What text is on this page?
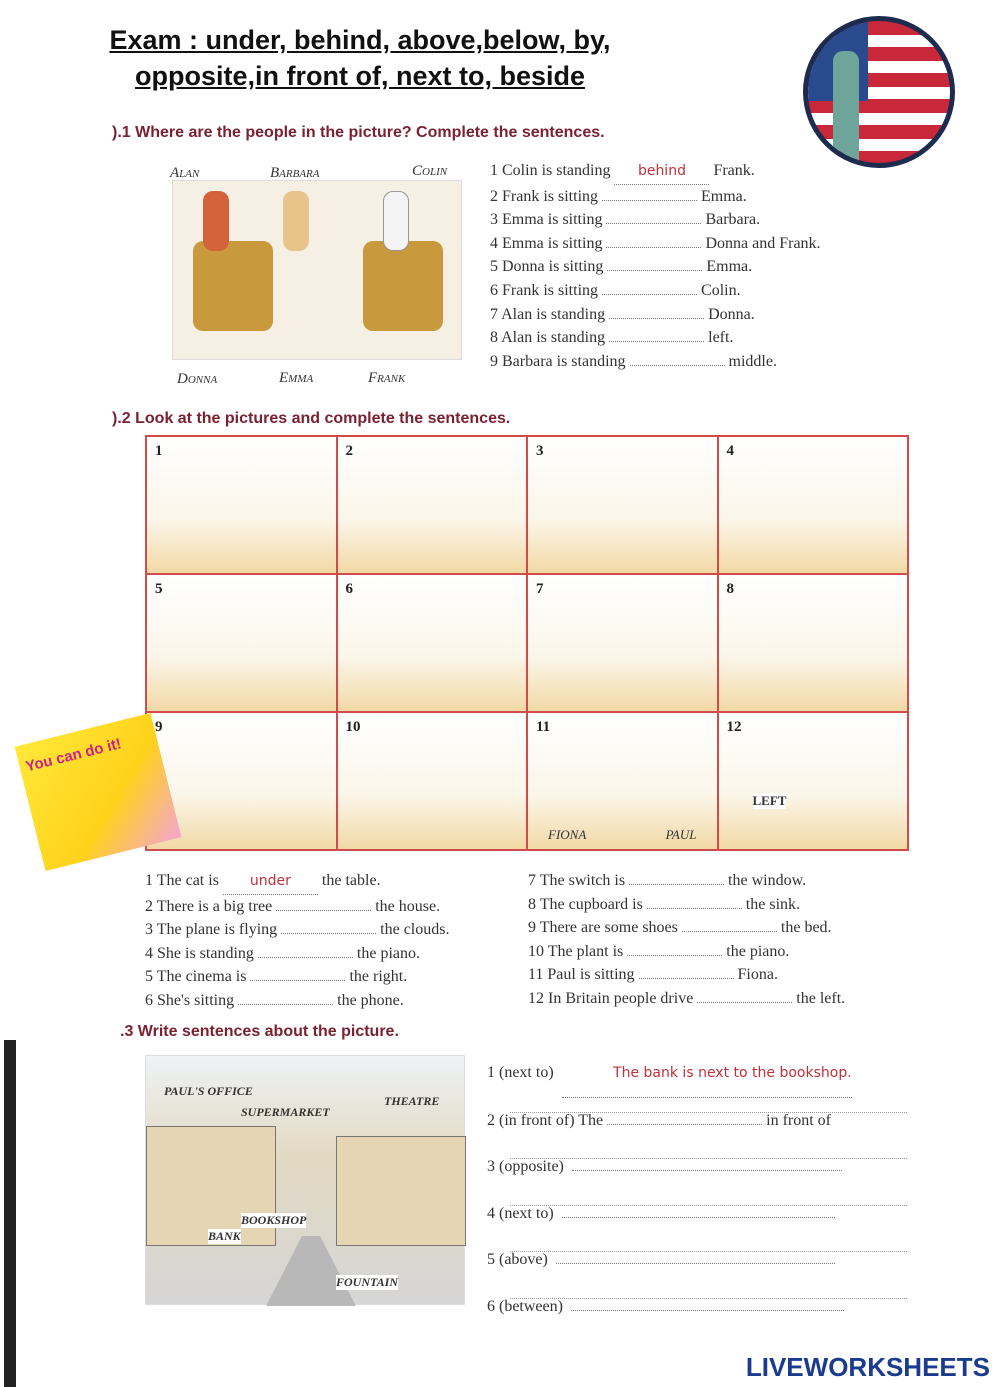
Exam : under, behind, above,below, by,
opposite,in front of, next to, beside
).1 Where are the people in the picture? Complete the sentences.
Alan	Barbara	Colin
Donna	Emma	Frank
1 Colin is standing behind Frank.
2 Frank is sitting	Emma.
3 Emma is sitting	Barbara.
4 Emma is sitting	Donna and Frank.
5 Donna is sitting	Emma.
6 Frank is sitting	Colin.
7 Alan is standing	Donna.
8 Alan is standing	left.
9 Barbara is standing	middle.
).2 Look at the pictures and complete the sentences.
1	2	3	4
5	6	7	8
9	10	11
FIONA	PAUL
12
LEFT
You can do it!
1 The cat is under the table.
2 There is a big tree	the house.
3 The plane is flying	the clouds.
4 She is standing	the piano.
5 The cinema is	the right.
6 She's sitting	the phone.
7 The switch is	the window.
8 The cupboard is	the sink.
9 There are some shoes	the bed.
10 The plant is	the piano.
11 Paul is sitting	Fiona.
12 In Britain people drive	the left.
.3 Write sentences about the picture.
PAUL'S OFFICE
SUPERMARKET
THEATRE
BOOKSHOP
BANK
FOUNTAIN
1 (next to)	The bank is next to the bookshop.
2 (in front of) The	in front of
3 (opposite)
4 (next to)
5 (above)
6 (between)
LIVEWORKSHEETS
